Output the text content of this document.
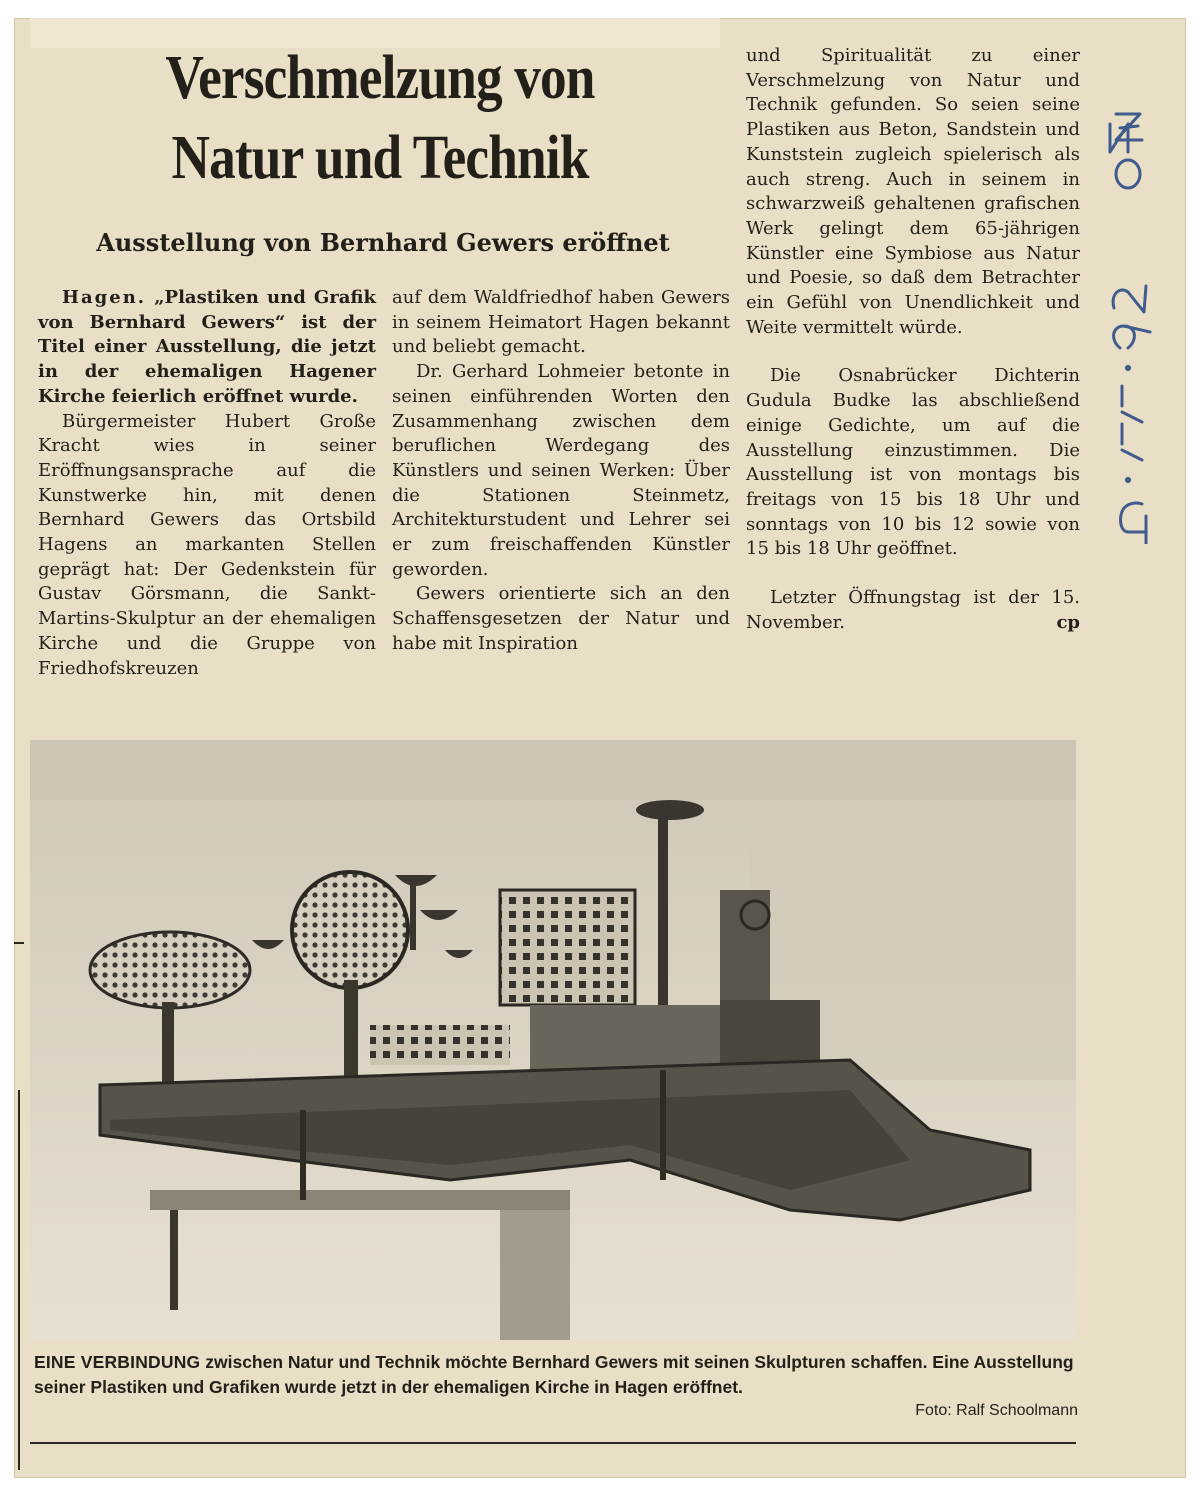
Verschmelzung von
Natur und Technik
Ausstellung von Bernhard Gewers eröffnet

Hagen. „Plastiken und Grafik von Bernhard Gewers“ ist der Titel einer Ausstellung, die jetzt in der ehemaligen Hagener Kirche feierlich eröffnet wurde.

Bürgermeister Hubert Große Kracht wies in seiner Eröffnungsansprache auf die Kunstwerke hin, mit denen Bernhard Gewers das Ortsbild Hagens an markanten Stellen geprägt hat: Der Gedenkstein für Gustav Görsmann, die Sankt-Martins-Skulptur an der ehemaligen Kirche und die Gruppe von Friedhofskreuzen

auf dem Waldfriedhof haben Gewers in seinem Heimatort Hagen bekannt und beliebt gemacht.

Dr. Gerhard Lohmeier betonte in seinen einführenden Worten den Zusammenhang zwischen dem beruflichen Werdegang des Künstlers und seinen Werken: Über die Stationen Steinmetz, Architekturstudent und Lehrer sei er zum freischaffenden Künstler geworden.

Gewers orientierte sich an den Schaffensgesetzen der Natur und habe mit Inspiration

und Spiritualität zu einer Verschmelzung von Natur und Technik gefunden. So seien seine Plastiken aus Beton, Sandstein und Kunststein zugleich spielerisch als auch streng. Auch in seinem in schwarzweiß gehaltenen grafischen Werk gelingt dem 65-jährigen Künstler eine Symbiose aus Natur und Poesie, so daß dem Betrachter ein Gefühl von Unendlichkeit und Weite vermittelt würde.

Die Osnabrücker Dichterin Gudula Budke las abschließend einige Gedichte, um auf die Ausstellung einzustimmen. Die Ausstellung ist von montags bis freitags von 15 bis 18 Uhr und sonntags von 10 bis 12 sowie von 15 bis 18 Uhr geöffnet.

Letzter Öffnungstag ist der 15. November.	cp

EINE VERBINDUNG zwischen Natur und Technik möchte Bernhard Gewers mit seinen Skulpturen schaffen. Eine Ausstellung seiner Plastiken und Grafiken wurde jetzt in der ehemaligen Kirche in Hagen eröffnet.
Foto: Ralf Schoolmann
